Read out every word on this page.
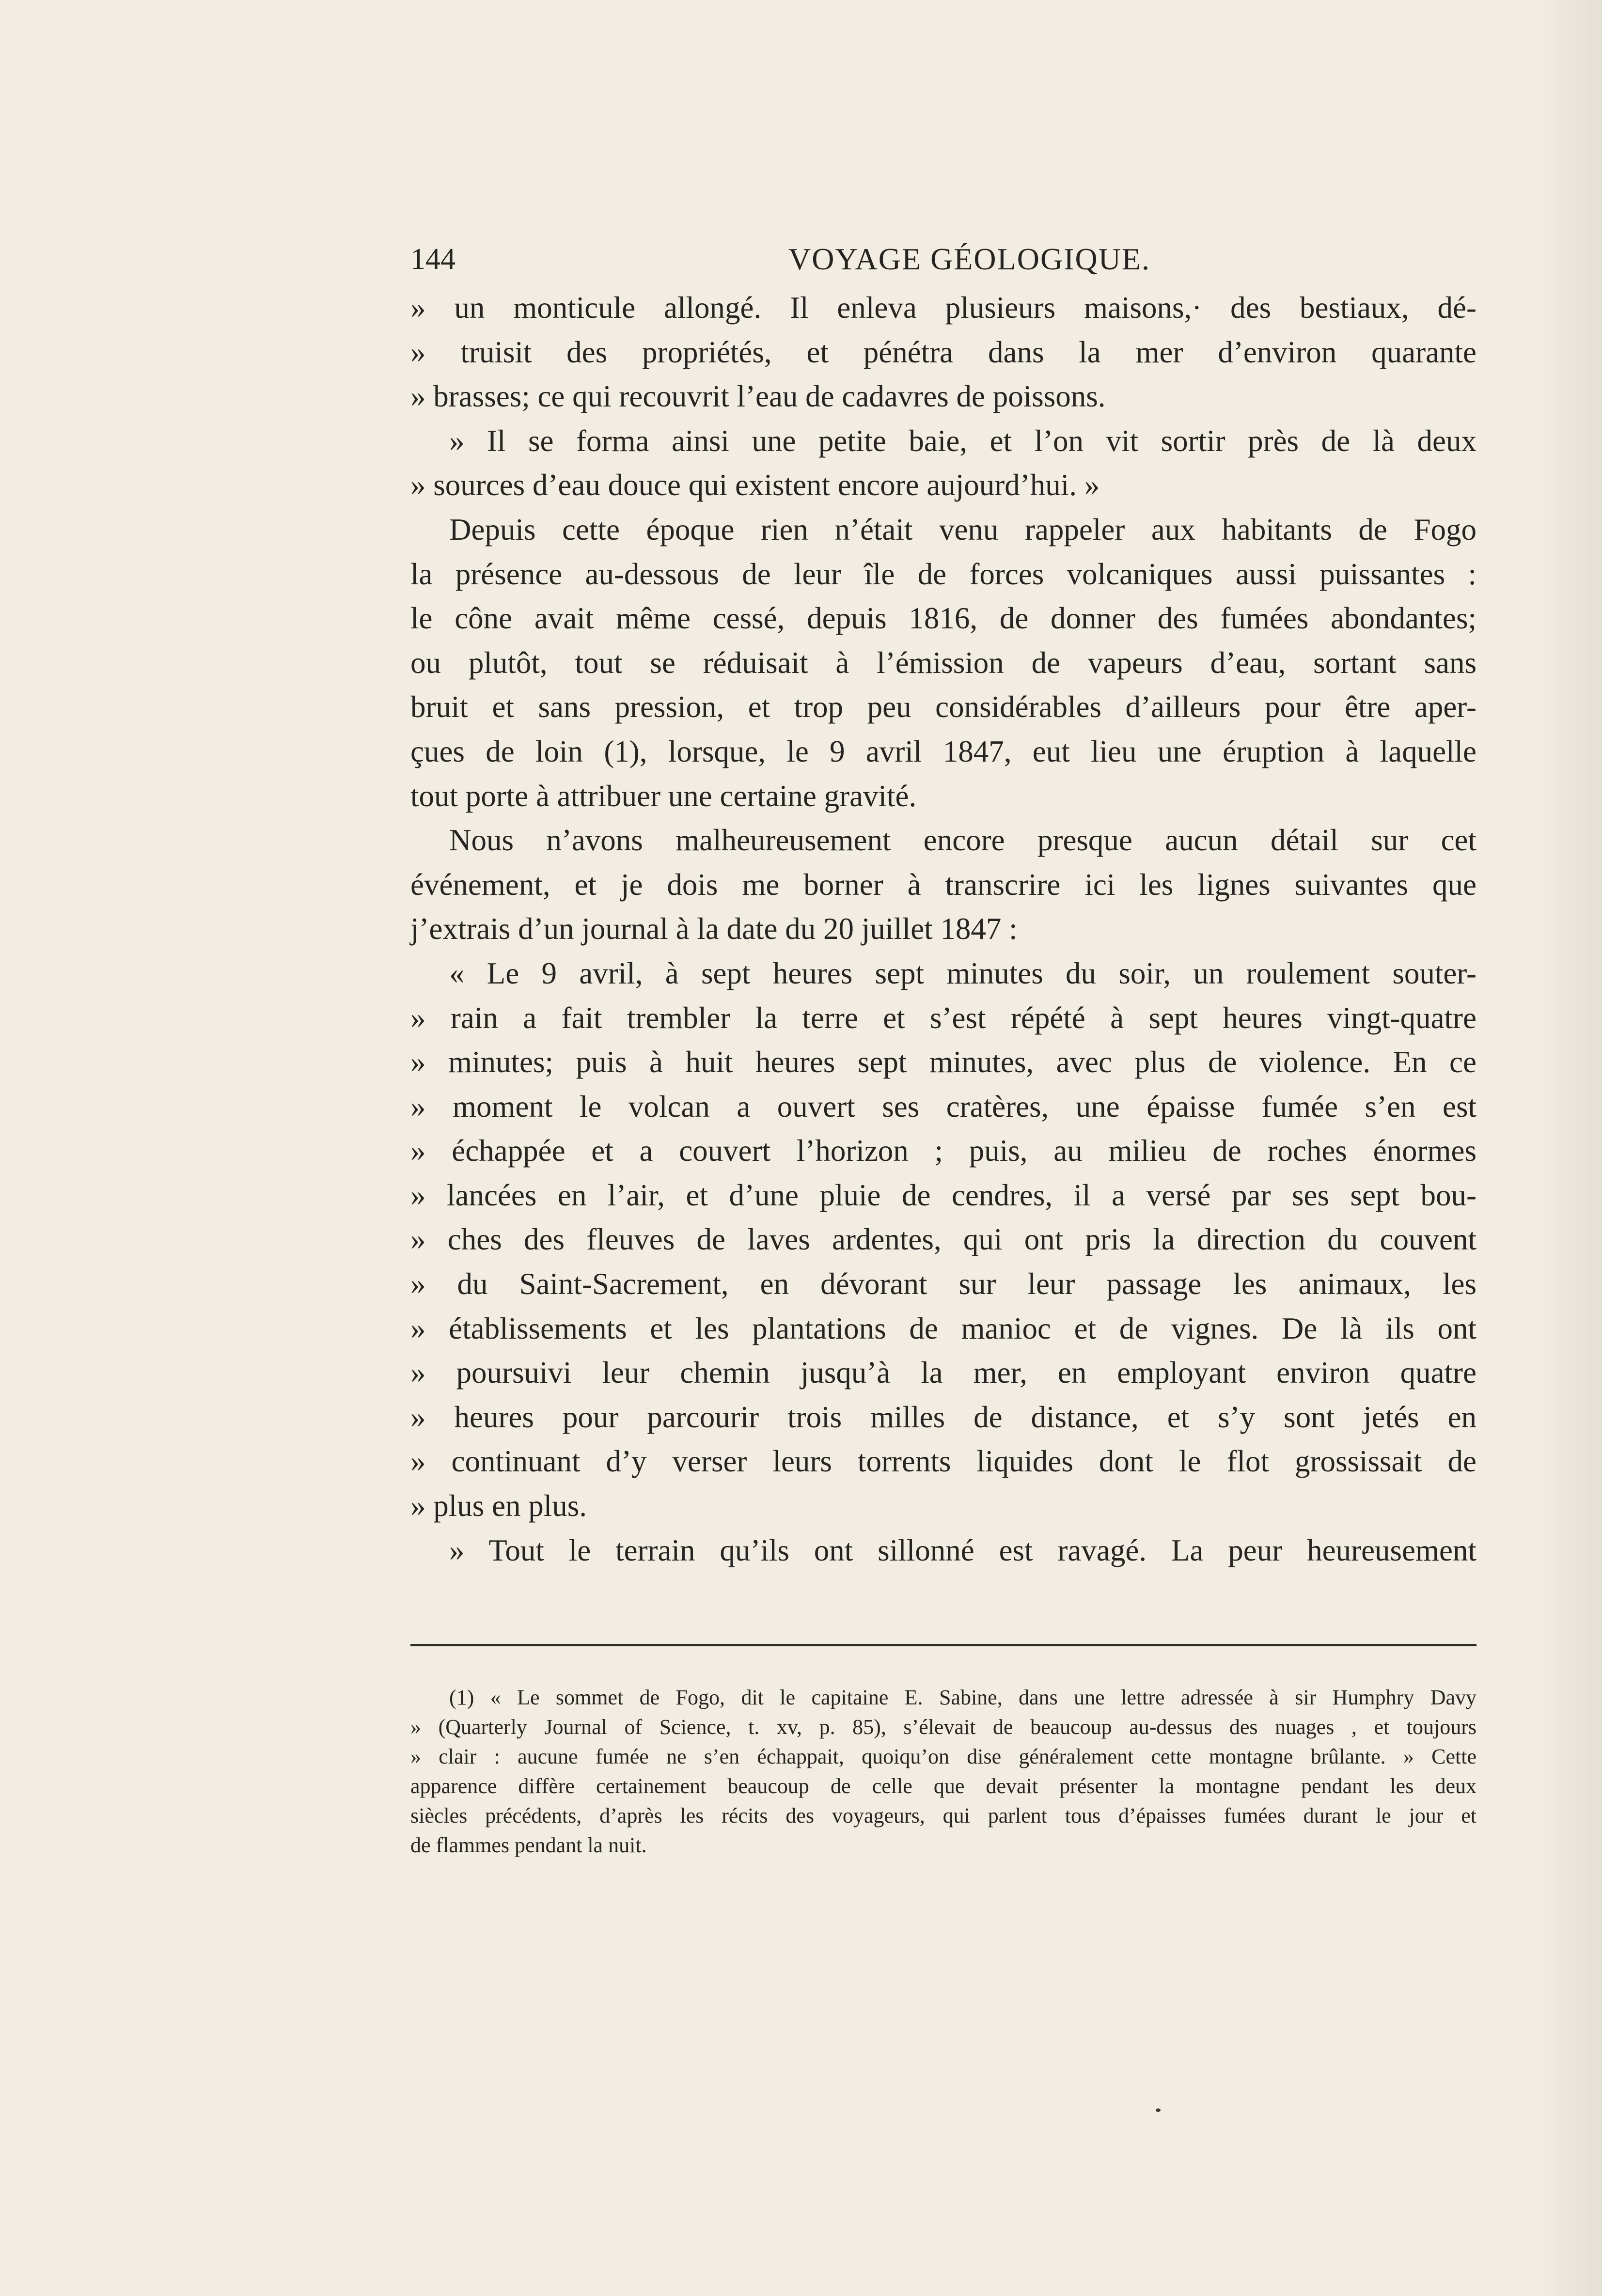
144	VOYAGE GÉOLOGIQUE.
» un monticule allongé. Il enleva plusieurs maisons,· des bestiaux, dé-
» truisit des propriétés, et pénétra dans la mer d’environ quarante
» brasses; ce qui recouvrit l’eau de cadavres de poissons.
» Il se forma ainsi une petite baie, et l’on vit sortir près de là deux
» sources d’eau douce qui existent encore aujourd’hui. »
Depuis cette époque rien n’était venu rappeler aux habitants de Fogo
la présence au-dessous de leur île de forces volcaniques aussi puissantes :
le cône avait même cessé, depuis 1816, de donner des fumées abondantes;
ou plutôt, tout se réduisait à l’émission de vapeurs d’eau, sortant sans
bruit et sans pression, et trop peu considérables d’ailleurs pour être aper-
çues de loin (1), lorsque, le 9 avril 1847, eut lieu une éruption à laquelle
tout porte à attribuer une certaine gravité.
Nous n’avons malheureusement encore presque aucun détail sur cet
événement, et je dois me borner à transcrire ici les lignes suivantes que
j’extrais d’un journal à la date du 20 juillet 1847 :
« Le 9 avril, à sept heures sept minutes du soir, un roulement souter-
» rain a fait trembler la terre et s’est répété à sept heures vingt-quatre
» minutes; puis à huit heures sept minutes, avec plus de violence. En ce
» moment le volcan a ouvert ses cratères, une épaisse fumée s’en est
» échappée et a couvert l’horizon ; puis, au milieu de roches énormes
» lancées en l’air, et d’une pluie de cendres, il a versé par ses sept bou-
» ches des fleuves de laves ardentes, qui ont pris la direction du couvent
» du Saint-Sacrement, en dévorant sur leur passage les animaux, les
» établissements et les plantations de manioc et de vignes. De là ils ont
» poursuivi leur chemin jusqu’à la mer, en employant environ quatre
» heures pour parcourir trois milles de distance, et s’y sont jetés en
» continuant d’y verser leurs torrents liquides dont le flot grossissait de
» plus en plus.
» Tout le terrain qu’ils ont sillonné est ravagé. La peur heureusement
(1) « Le sommet de Fogo, dit le capitaine E. Sabine, dans une lettre adressée à sir Humphry Davy
» (Quarterly Journal of Science, t. xv, p. 85), s’élevait de beaucoup au-dessus des nuages , et toujours
» clair : aucune fumée ne s’en échappait, quoiqu’on dise généralement cette montagne brûlante. » Cette
apparence diffère certainement beaucoup de celle que devait présenter la montagne pendant les deux
siècles précédents, d’après les récits des voyageurs, qui parlent tous d’épaisses fumées durant le jour et
de flammes pendant la nuit.
